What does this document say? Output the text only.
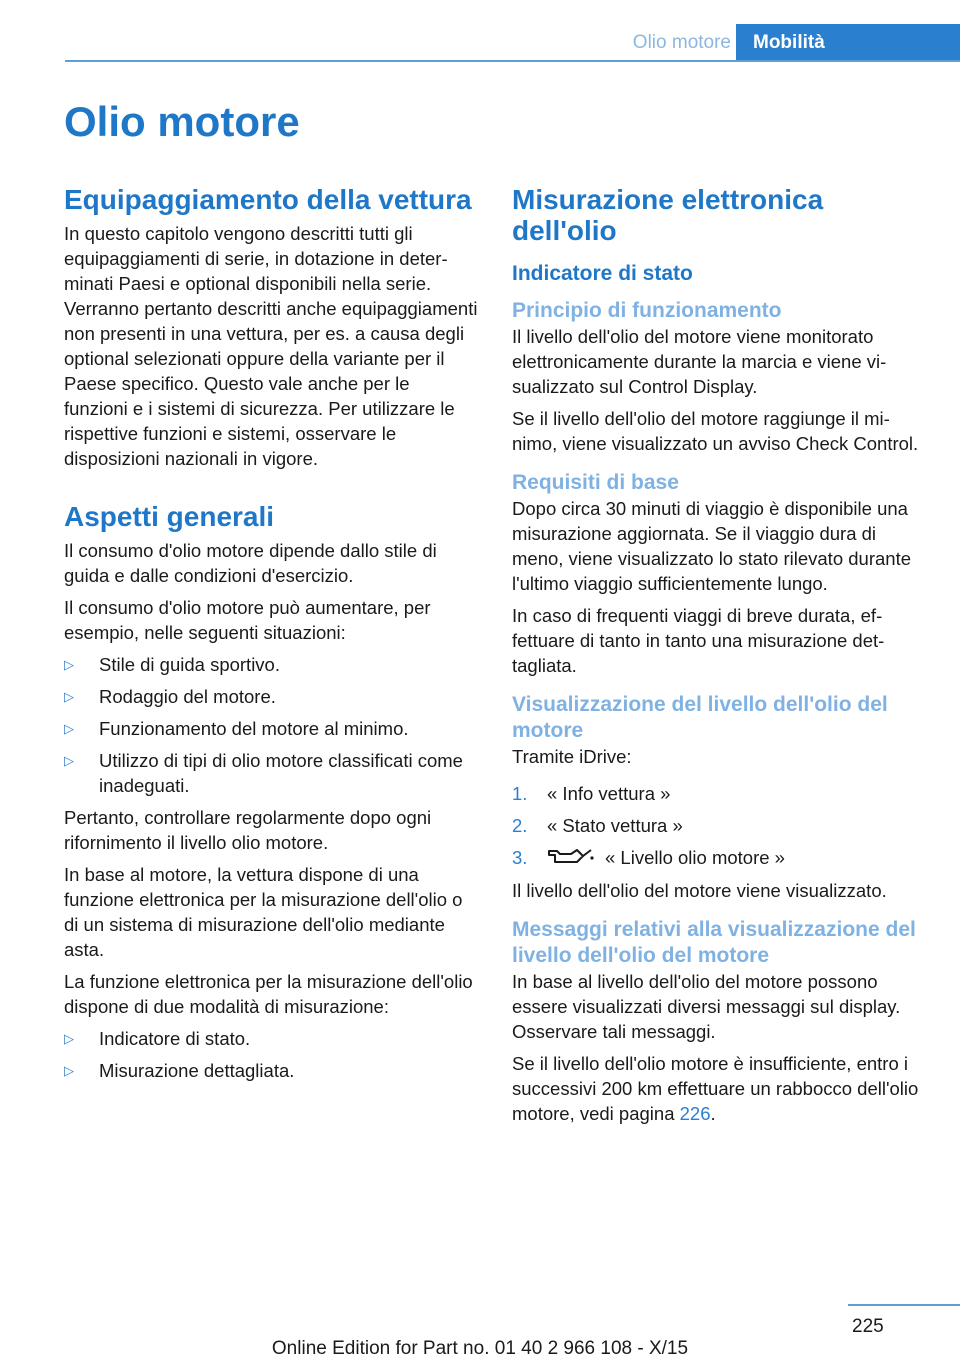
Olio motore	Mobilità
Olio motore
Equipaggiamento della vettura

In questo capitolo vengono descritti tutti gli equipaggiamenti di serie, in dotazione in determinati Paesi e optional disponibili nella serie. Verranno pertanto descritti anche equipaggiamenti non presenti in una vettura, per es. a causa degli optional selezionati oppure della variante per il Paese specifico. Questo vale anche per le funzioni e i sistemi di sicurezza. Per utilizzare le rispettive funzioni e sistemi, osservare le disposizioni nazionali in vigore.

Aspetti generali

Il consumo d'olio motore dipende dallo stile di guida e dalle condizioni d'esercizio.

Il consumo d'olio motore può aumentare, per esempio, nelle seguenti situazioni:

▷	Stile di guida sportivo.
▷	Rodaggio del motore.
▷	Funzionamento del motore al minimo.
▷	Utilizzo di tipi di olio motore classificati come inadeguati.

Pertanto, controllare regolarmente dopo ogni rifornimento il livello olio motore.

In base al motore, la vettura dispone di una funzione elettronica per la misurazione dell'olio o di un sistema di misurazione dell'olio mediante asta.

La funzione elettronica per la misurazione dell'olio dispone di due modalità di misurazione:

▷	Indicatore di stato.
▷	Misurazione dettagliata.
Misurazione elettronica dell'olio
Indicatore di stato
Principio di funzionamento

Il livello dell'olio del motore viene monitorato elettronicamente durante la marcia e viene visualizzato sul Control Display.

Se il livello dell'olio del motore raggiunge il minimo, viene visualizzato un avviso Check Control.

Requisiti di base

Dopo circa 30 minuti di viaggio è disponibile una misurazione aggiornata. Se il viaggio dura di meno, viene visualizzato lo stato rilevato durante l'ultimo viaggio sufficientemente lungo.

In caso di frequenti viaggi di breve durata, effettuare di tanto in tanto una misurazione dettagliata.

Visualizzazione del livello dell'olio del motore

Tramite iDrive:

1.	« Info vettura »
2.	« Stato vettura »
3.	« Livello olio motore »

Il livello dell'olio del motore viene visualizzato.

Messaggi relativi alla visualizzazione del livello dell'olio del motore

In base al livello dell'olio del motore possono essere visualizzati diversi messaggi sul display. Osservare tali messaggi.

Se il livello dell'olio motore è insufficiente, entro i successivi 200 km effettuare un rabbocco dell'olio motore, vedi pagina 226.

225
Online Edition for Part no. 01 40 2 966 108 - X/15
